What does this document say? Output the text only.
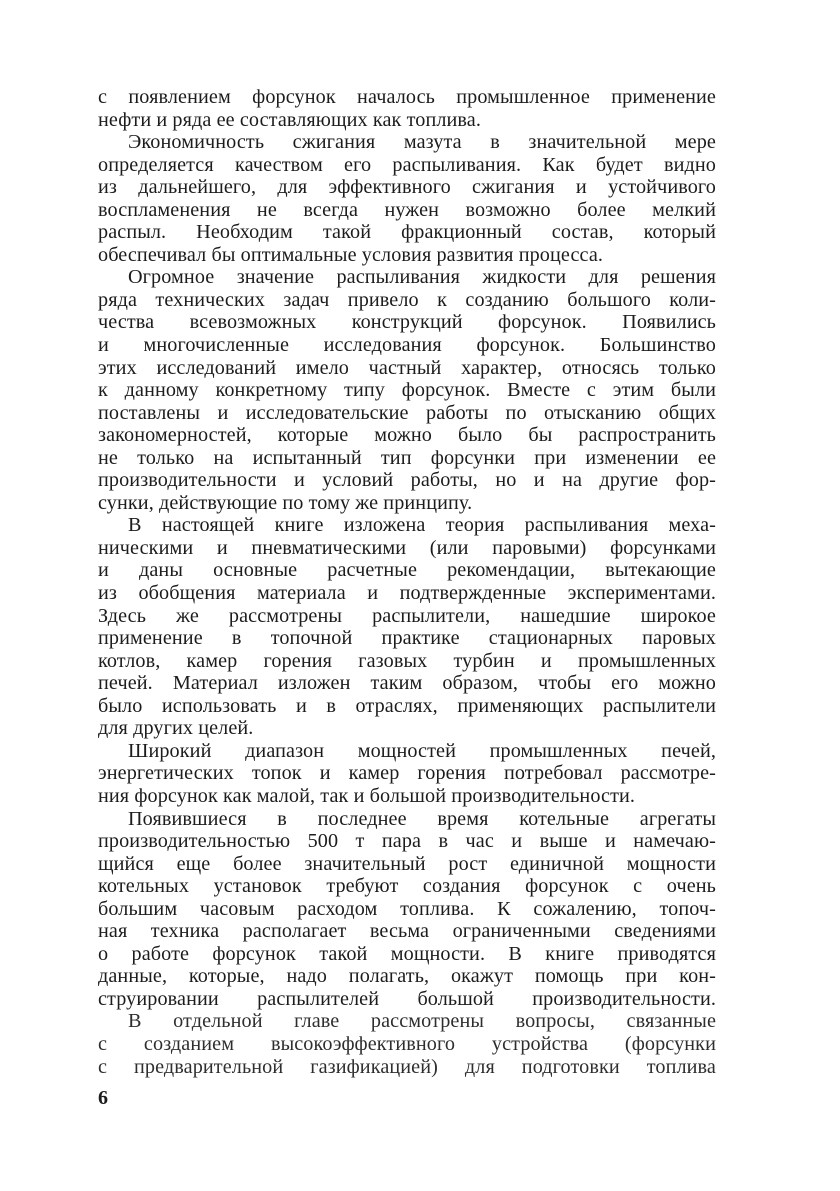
с появлением форсунок началось промышленное применение
нефти и ряда ее составляющих как топлива.

Экономичность сжигания мазута в значительной мере
определяется качеством его распыливания. Как будет видно
из дальнейшего, для эффективного сжигания и устойчивого
воспламенения не всегда нужен возможно более мелкий
распыл. Необходим такой фракционный состав, который
обеспечивал бы оптимальные условия развития процесса.

Огромное значение распыливания жидкости для решения
ряда технических задач привело к созданию большого коли-
чества всевозможных конструкций форсунок. Появились
и многочисленные исследования форсунок. Большинство
этих исследований имело частный характер, относясь только
к данному конкретному типу форсунок. Вместе с этим были
поставлены и исследовательские работы по отысканию общих
закономерностей, которые можно было бы распространить
не только на испытанный тип форсунки при изменении ее
производительности и условий работы, но и на другие фор-
сунки, действующие по тому же принципу.

В настоящей книге изложена теория распыливания меха-
ническими и пневматическими (или паровыми) форсунками
и даны основные расчетные рекомендации, вытекающие
из обобщения материала и подтвержденные экспериментами.
Здесь же рассмотрены распылители, нашедшие широкое
применение в топочной практике стационарных паровых
котлов, камер горения газовых турбин и промышленных
печей. Материал изложен таким образом, чтобы его можно
было использовать и в отраслях, применяющих распылители
для других целей.

Широкий диапазон мощностей промышленных печей,
энергетических топок и камер горения потребовал рассмотре-
ния форсунок как малой, так и большой производительности.

Появившиеся в последнее время котельные агрегаты
производительностью 500 т пара в час и выше и намечаю-
щийся еще более значительный рост единичной мощности
котельных установок требуют создания форсунок с очень
большим часовым расходом топлива. К сожалению, топоч-
ная техника располагает весьма ограниченными сведениями
о работе форсунок такой мощности. В книге приводятся
данные, которые, надо полагать, окажут помощь при кон-
струировании распылителей большой производительности.

В отдельной главе рассмотрены вопросы, связанные
с созданием высокоэффективного устройства (форсунки
с предварительной газификацией) для подготовки топлива

6
